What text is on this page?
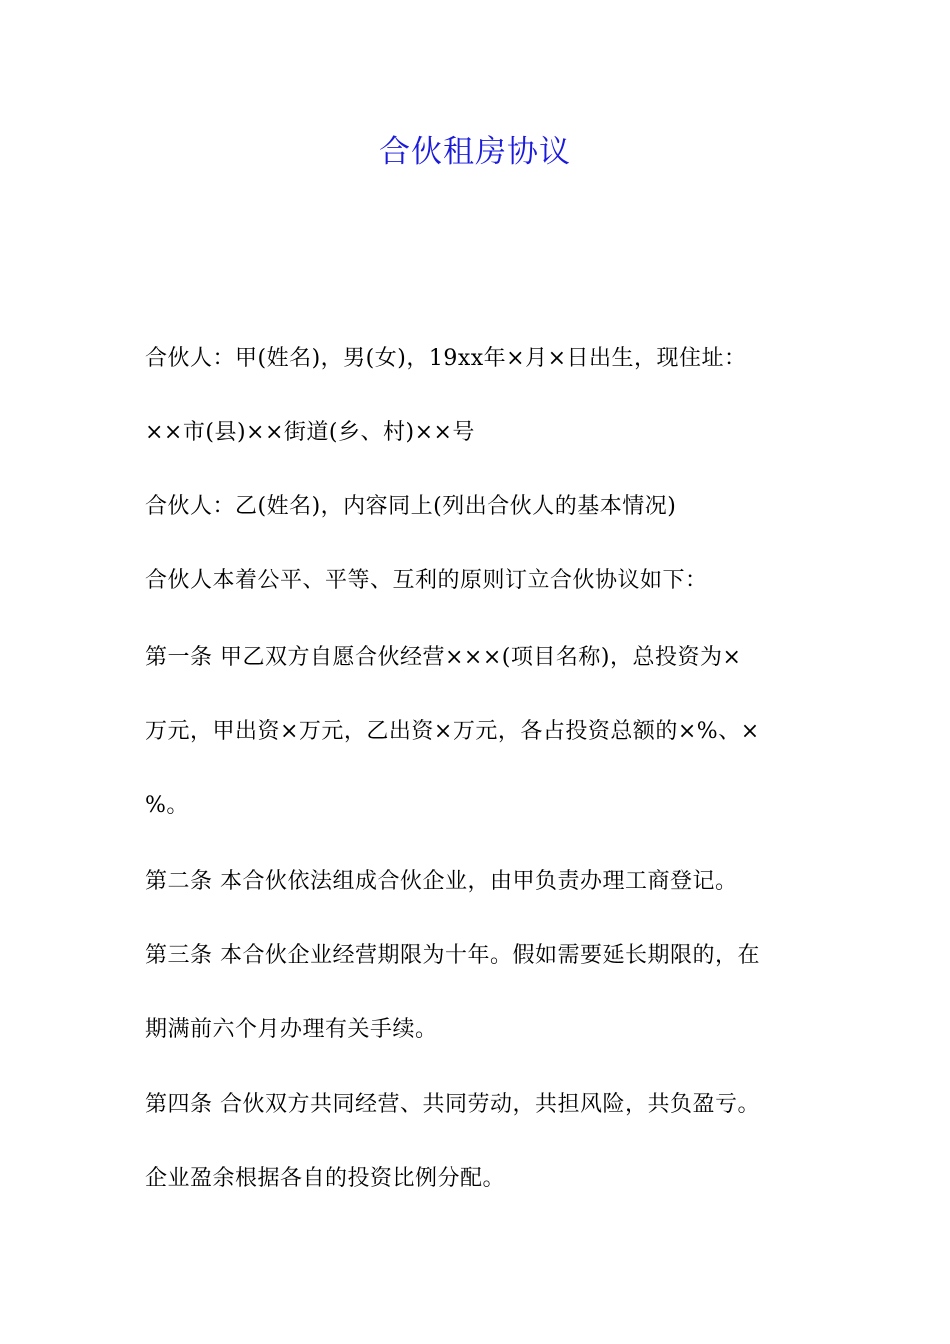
合伙租房协议
合伙人：甲(姓名)，男(女)，19xx年×月×日出生，现住址：
××市(县)××街道(乡、村)××号
合伙人：乙(姓名)，内容同上(列出合伙人的基本情况)
合伙人本着公平、平等、互利的原则订立合伙协议如下：
第一条 甲乙双方自愿合伙经营×××(项目名称)，总投资为×
万元，甲出资×万元，乙出资×万元，各占投资总额的×%、×
%。
第二条 本合伙依法组成合伙企业，由甲负责办理工商登记。
第三条 本合伙企业经营期限为十年。假如需要延长期限的，在
期满前六个月办理有关手续。
第四条 合伙双方共同经营、共同劳动，共担风险，共负盈亏。
企业盈余根据各自的投资比例分配。
